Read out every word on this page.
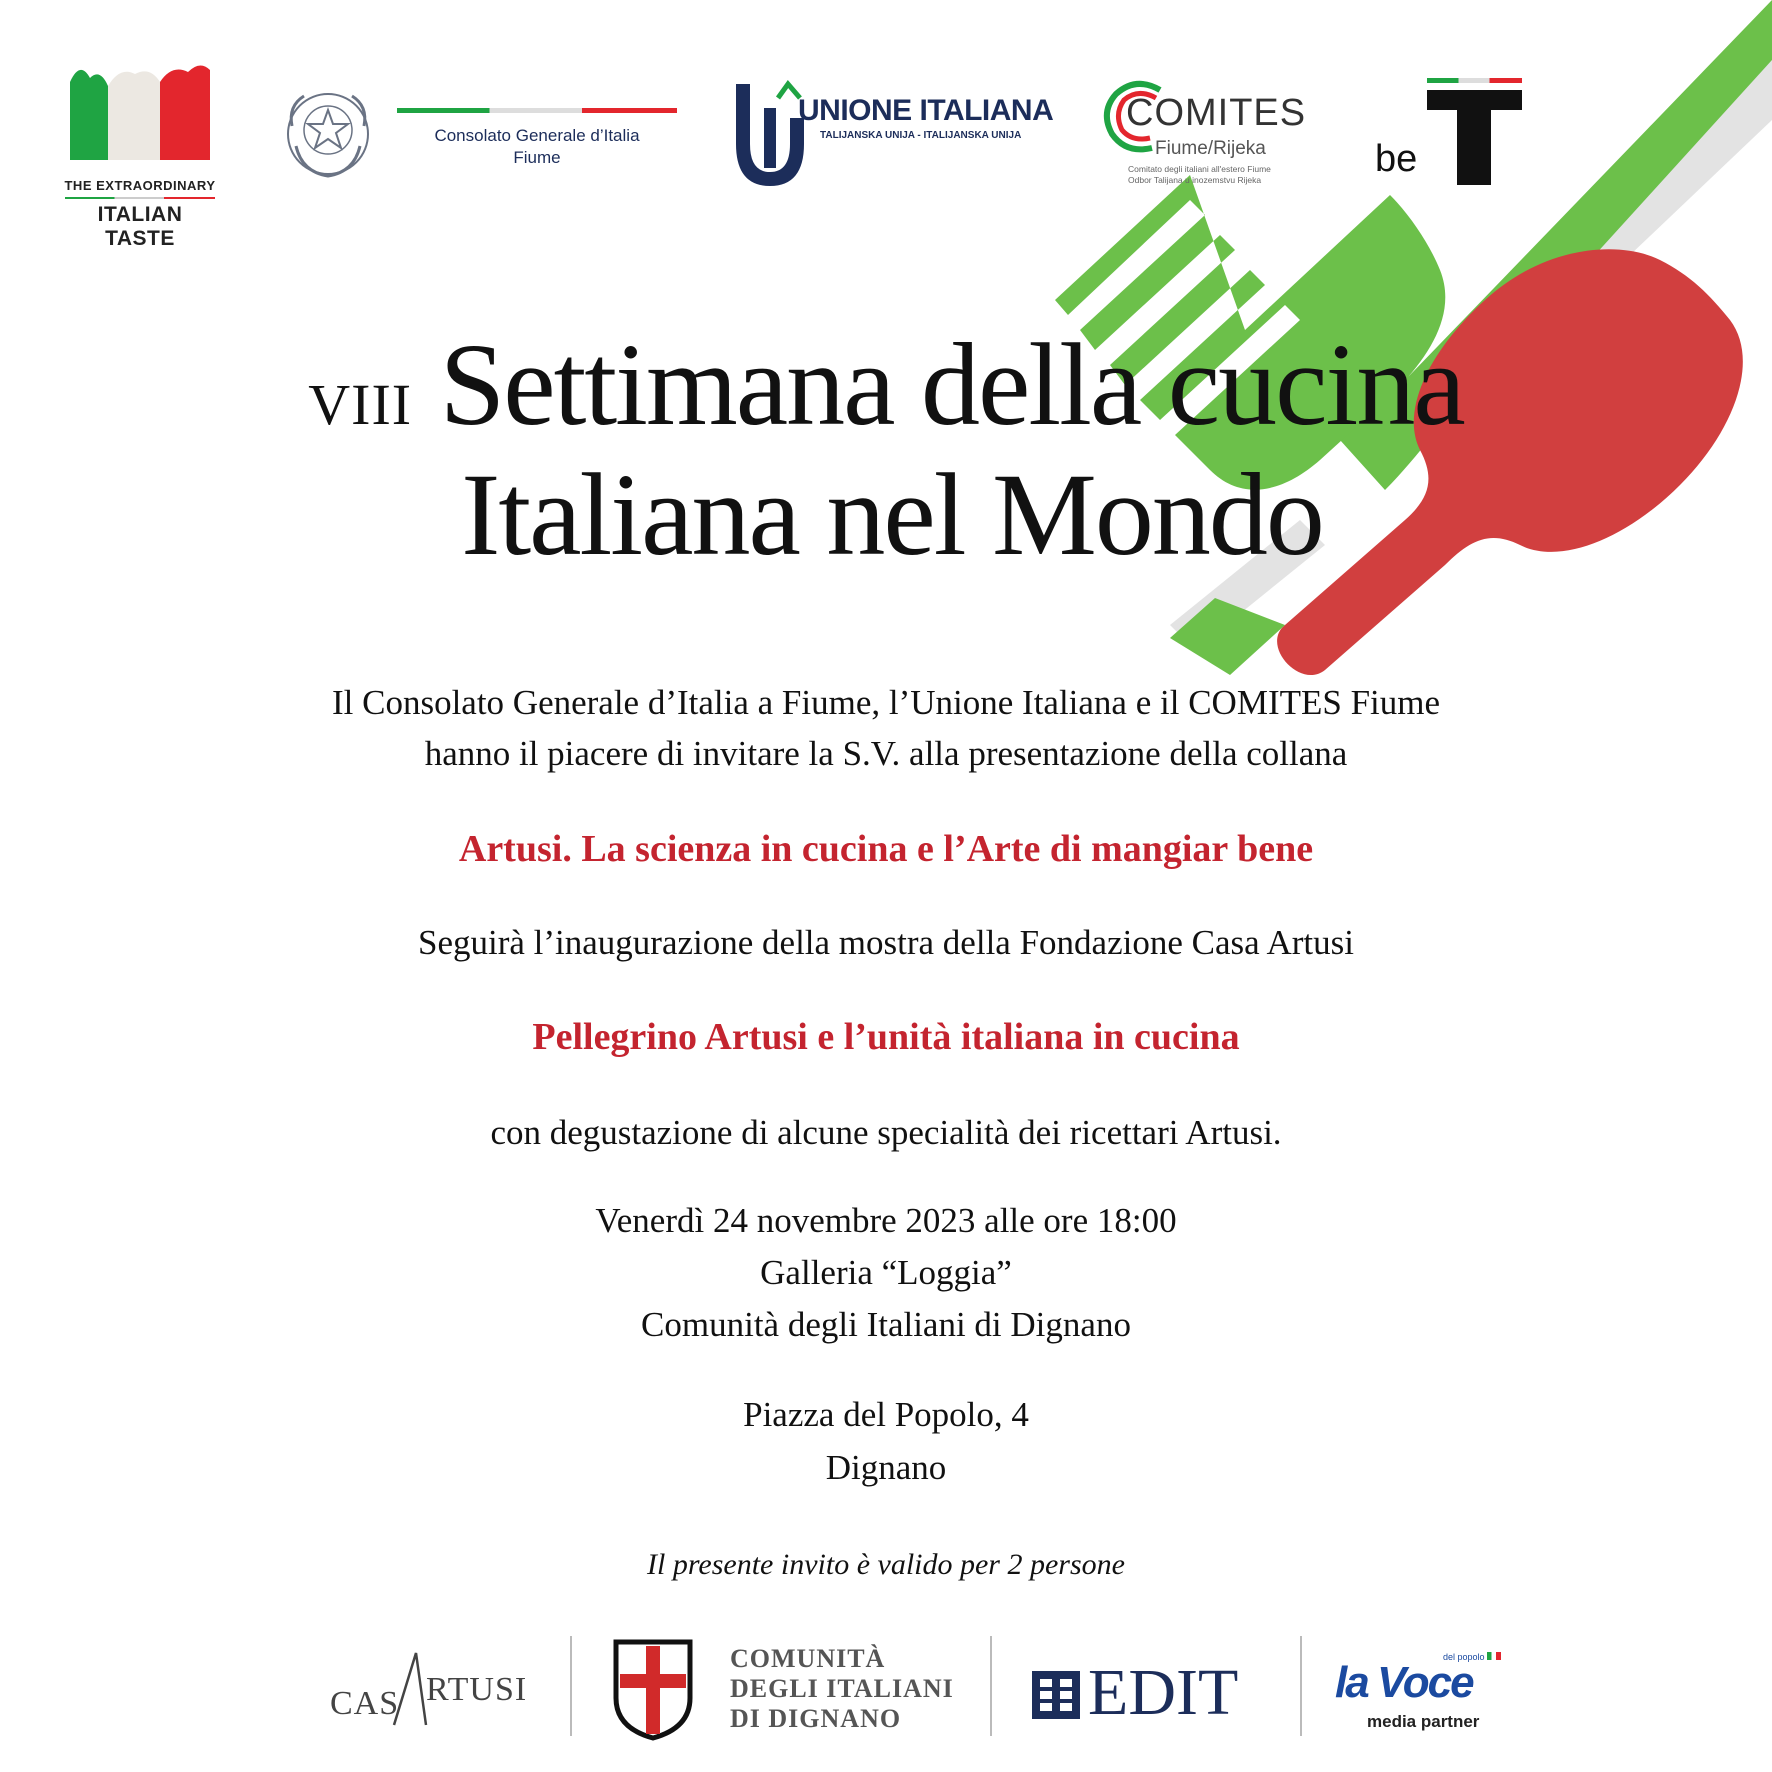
THE EXTRAORDINARY
ITALIAN TASTE
Consolato Generale d’Italia
Fiume
UNIONE ITALIANA
TALIJANSKA UNIJA - ITALIJANSKA UNIJA
COMITES
Fiume/Rijeka
Comitato degli italiani all'estero Fiume
Odbor Talijana u inozemstvu Rijeka	be
VIII Settimana della cucina
Italiana nel Mondo
Il Consolato Generale d’Italia a Fiume, l’Unione Italiana e il COMITES Fiume
hanno il piacere di invitare la S.V. alla presentazione della collana
Artusi. La scienza in cucina e l’Arte di mangiar bene
Seguirà l’inaugurazione della mostra della Fondazione Casa Artusi
Pellegrino Artusi e l’unità italiana in cucina
con degustazione di alcune specialità dei ricettari Artusi.
Venerdì 24 novembre 2023 alle ore 18:00
Galleria “Loggia”
Comunità degli Italiani di Dignano
Piazza del Popolo, 4
Dignano
Il presente invito è valido per 2 persone
CAS RTUSI
COMUNITÀ
DEGLI ITALIANI
DI DIGNANO	EDIT la Voce
del popolo
media partner
